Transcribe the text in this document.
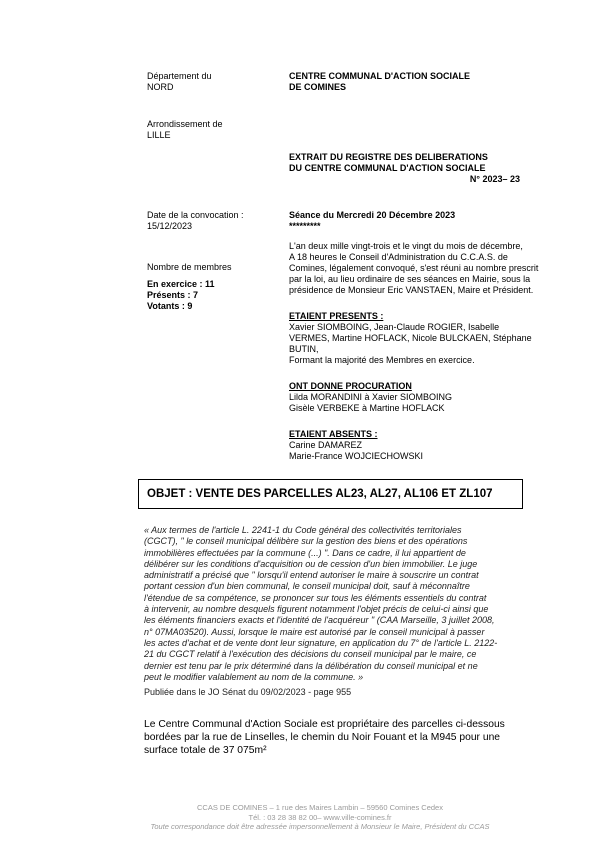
Département du
NORD
Arrondissement de
LILLE
CENTRE COMMUNAL D'ACTION SOCIALE
DE COMINES
EXTRAIT DU REGISTRE DES DELIBERATIONS
DU CENTRE COMMUNAL D'ACTION SOCIALE
N° 2023– 23
Date de la convocation :
15/12/2023
Séance du Mercredi 20 Décembre 2023
*********
Nombre de membres
En exercice : 11
Présents : 7
Votants : 9
L'an deux mille vingt-trois et le vingt du mois de décembre,
A 18 heures le Conseil d'Administration du C.C.A.S. de
Comines, légalement convoqué, s'est réuni au nombre prescrit
par la loi, au lieu ordinaire de ses séances en Mairie, sous la
présidence de Monsieur Eric VANSTAEN, Maire et Président.
ETAIENT PRESENTS :
Xavier SIOMBOING, Jean-Claude ROGIER, Isabelle
VERMES, Martine HOFLACK, Nicole BULCKAEN, Stéphane
BUTIN,
Formant la majorité des Membres en exercice.
ONT DONNE PROCURATION
Lilda MORANDINI à Xavier SIOMBOING
Gisèle VERBEKE à Martine HOFLACK
ETAIENT ABSENTS :
Carine DAMAREZ
Marie-France WOJCIECHOWSKI
OBJET : VENTE DES PARCELLES AL23, AL27, AL106 ET ZL107
« Aux termes de l'article L. 2241-1 du Code général des collectivités territoriales
(CGCT), " le conseil municipal délibère sur la gestion des biens et des opérations
immobilières effectuées par la commune (...) ". Dans ce cadre, il lui appartient de
délibérer sur les conditions d'acquisition ou de cession d'un bien immobilier. Le juge
administratif a précisé que " lorsqu'il entend autoriser le maire à souscrire un contrat
portant cession d'un bien communal, le conseil municipal doit, sauf à méconnaître
l'étendue de sa compétence, se prononcer sur tous les éléments essentiels du contrat
à intervenir, au nombre desquels figurent notamment l'objet précis de celui-ci ainsi que
les éléments financiers exacts et l'identité de l'acquéreur " (CAA Marseille, 3 juillet 2008,
n° 07MA03520). Aussi, lorsque le maire est autorisé par le conseil municipal à passer
les actes d'achat et de vente dont leur signature, en application du 7° de l'article L. 2122-
21 du CGCT relatif à l'exécution des décisions du conseil municipal par le maire, ce
dernier est tenu par le prix déterminé dans la délibération du conseil municipal et ne
peut le modifier valablement au nom de la commune. »
Publiée dans le JO Sénat du 09/02/2023 - page 955
Le Centre Communal d'Action Sociale est propriétaire des parcelles ci-dessous
bordées par la rue de Linselles, le chemin du Noir Fouant et la M945 pour une
surface totale de 37 075m²
CCAS DE COMINES – 1 rue des Maires Lambin – 59560 Comines Cedex
Tél. : 03 28 38 82 00– www.ville-comines.fr
Toute correspondance doit être adressée impersonnellement à Monsieur le Maire, Président du CCAS
